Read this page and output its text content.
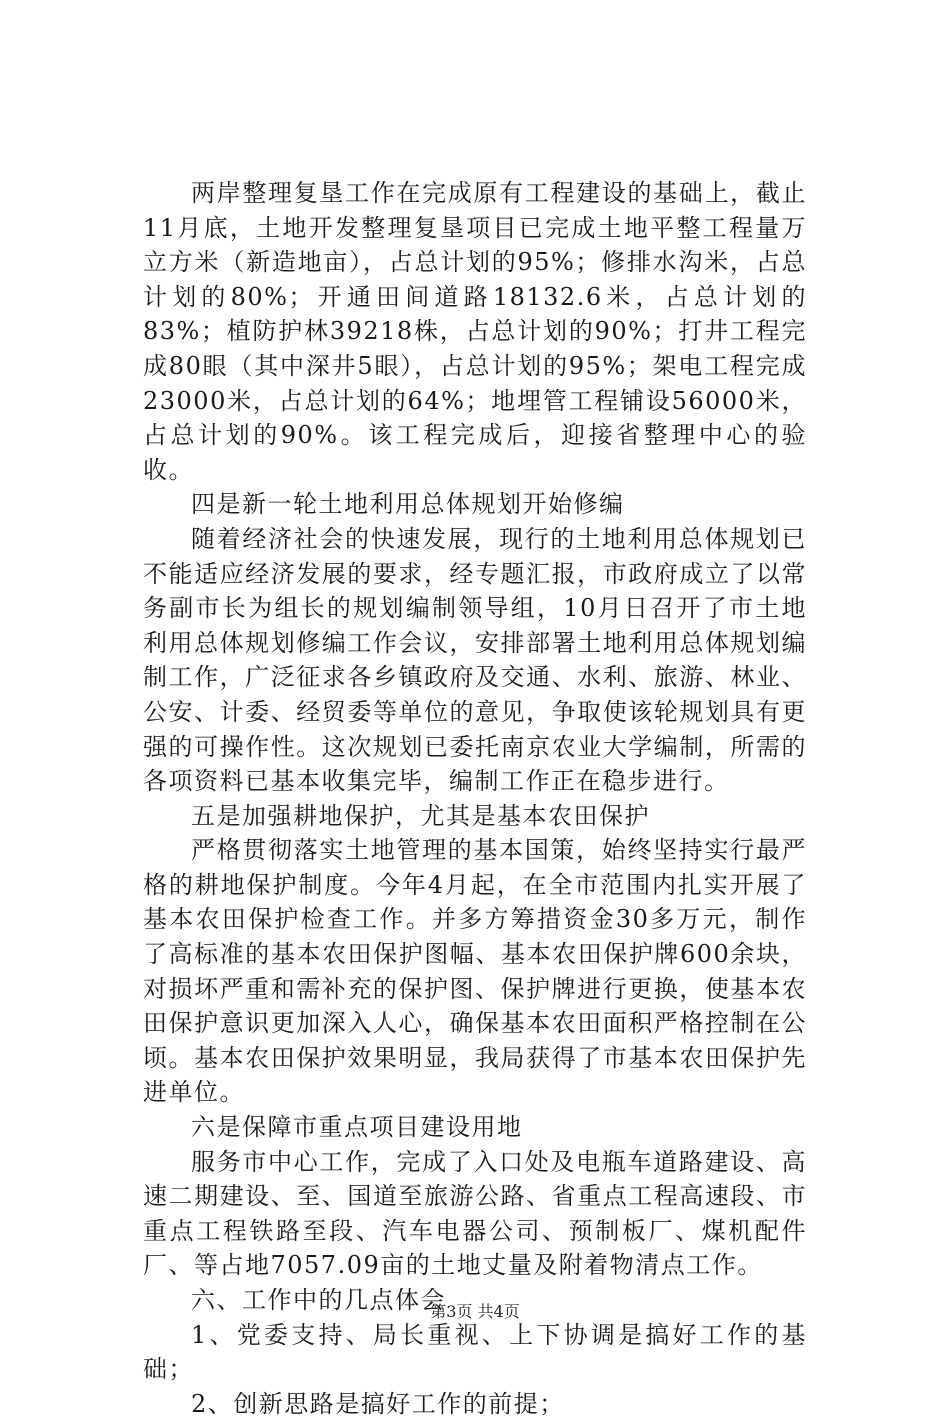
两岸整理复垦工作在完成原有工程建设的基础上，截止11月底，土地开发整理复垦项目已完成土地平整工程量万立方米（新造地亩），占总计划的95%；修排水沟米，占总计划的80%；开通田间道路18132.6米，占总计划的83%；植防护林39218株，占总计划的90%；打井工程完成80眼（其中深井5眼），占总计划的95%；架电工程完成23000米，占总计划的64%；地埋管工程铺设56000米，占总计划的90%。该工程完成后，迎接省整理中心的验收。

四是新一轮土地利用总体规划开始修编

随着经济社会的快速发展，现行的土地利用总体规划已不能适应经济发展的要求，经专题汇报，市政府成立了以常务副市长为组长的规划编制领导组，10月日召开了市土地利用总体规划修编工作会议，安排部署土地利用总体规划编制工作，广泛征求各乡镇政府及交通、水利、旅游、林业、公安、计委、经贸委等单位的意见，争取使该轮规划具有更强的可操作性。这次规划已委托南京农业大学编制，所需的各项资料已基本收集完毕，编制工作正在稳步进行。

五是加强耕地保护，尤其是基本农田保护

严格贯彻落实土地管理的基本国策，始终坚持实行最严格的耕地保护制度。今年4月起，在全市范围内扎实开展了基本农田保护检查工作。并多方筹措资金30多万元，制作了高标准的基本农田保护图幅、基本农田保护牌600余块，对损坏严重和需补充的保护图、保护牌进行更换，使基本农田保护意识更加深入人心，确保基本农田面积严格控制在公顷。基本农田保护效果明显，我局获得了市基本农田保护先进单位。

六是保障市重点项目建设用地

服务市中心工作，完成了入口处及电瓶车道路建设、高速二期建设、至、国道至旅游公路、省重点工程高速段、市重点工程铁路至段、汽车电器公司、预制板厂、煤机配件厂、等占地7057.09亩的土地丈量及附着物清点工作。

六、工作中的几点体会

1、党委支持、局长重视、上下协调是搞好工作的基础；

2、创新思路是搞好工作的前提；

第3页 共4页
